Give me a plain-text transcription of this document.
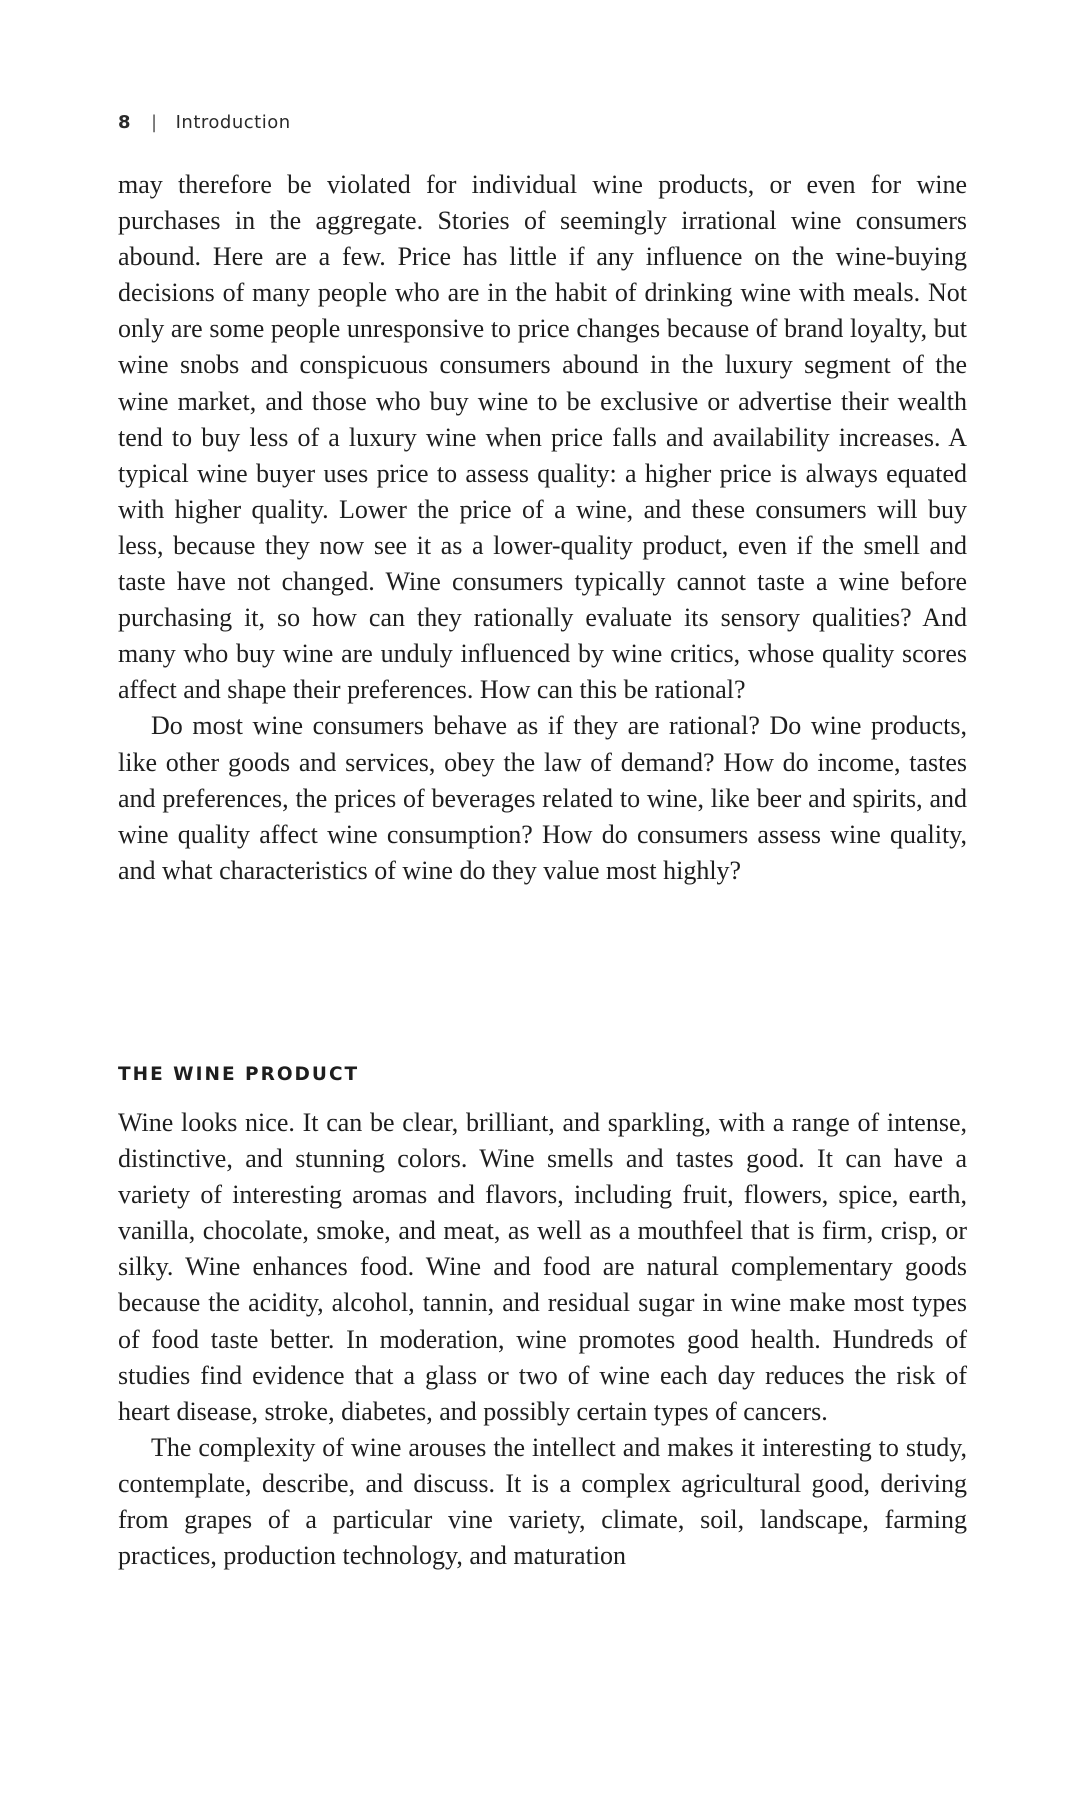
8 | Introduction

may therefore be violated for individual wine products, or even for wine purchases in the aggregate. Stories of seemingly irrational wine consumers abound. Here are a few. Price has little if any influence on the wine-buying decisions of many people who are in the habit of drinking wine with meals. Not only are some people unresponsive to price changes because of brand loyalty, but wine snobs and conspicuous consumers abound in the luxury segment of the wine market, and those who buy wine to be exclusive or advertise their wealth tend to buy less of a luxury wine when price falls and availability increases. A typical wine buyer uses price to assess quality: a higher price is always equated with higher quality. Lower the price of a wine, and these consumers will buy less, because they now see it as a lower-quality product, even if the smell and taste have not changed. Wine consumers typically cannot taste a wine before purchasing it, so how can they rationally evaluate its sensory qualities? And many who buy wine are unduly influenced by wine critics, whose quality scores affect and shape their preferences. How can this be rational?

Do most wine consumers behave as if they are rational? Do wine products, like other goods and services, obey the law of demand? How do income, tastes and preferences, the prices of beverages related to wine, like beer and spirits, and wine quality affect wine consumption? How do consumers assess wine quality, and what characteristics of wine do they value most highly?

THE WINE PRODUCT

Wine looks nice. It can be clear, brilliant, and sparkling, with a range of intense, distinctive, and stunning colors. Wine smells and tastes good. It can have a variety of interesting aromas and flavors, including fruit, flowers, spice, earth, vanilla, chocolate, smoke, and meat, as well as a mouthfeel that is firm, crisp, or silky. Wine enhances food. Wine and food are natural complementary goods because the acidity, alcohol, tannin, and residual sugar in wine make most types of food taste better. In moderation, wine promotes good health. Hundreds of studies find evidence that a glass or two of wine each day reduces the risk of heart disease, stroke, diabetes, and possibly certain types of cancers.

The complexity of wine arouses the intellect and makes it interesting to study, contemplate, describe, and discuss. It is a complex agricultural good, deriving from grapes of a particular vine variety, climate, soil, landscape, farming practices, production technology, and maturation
